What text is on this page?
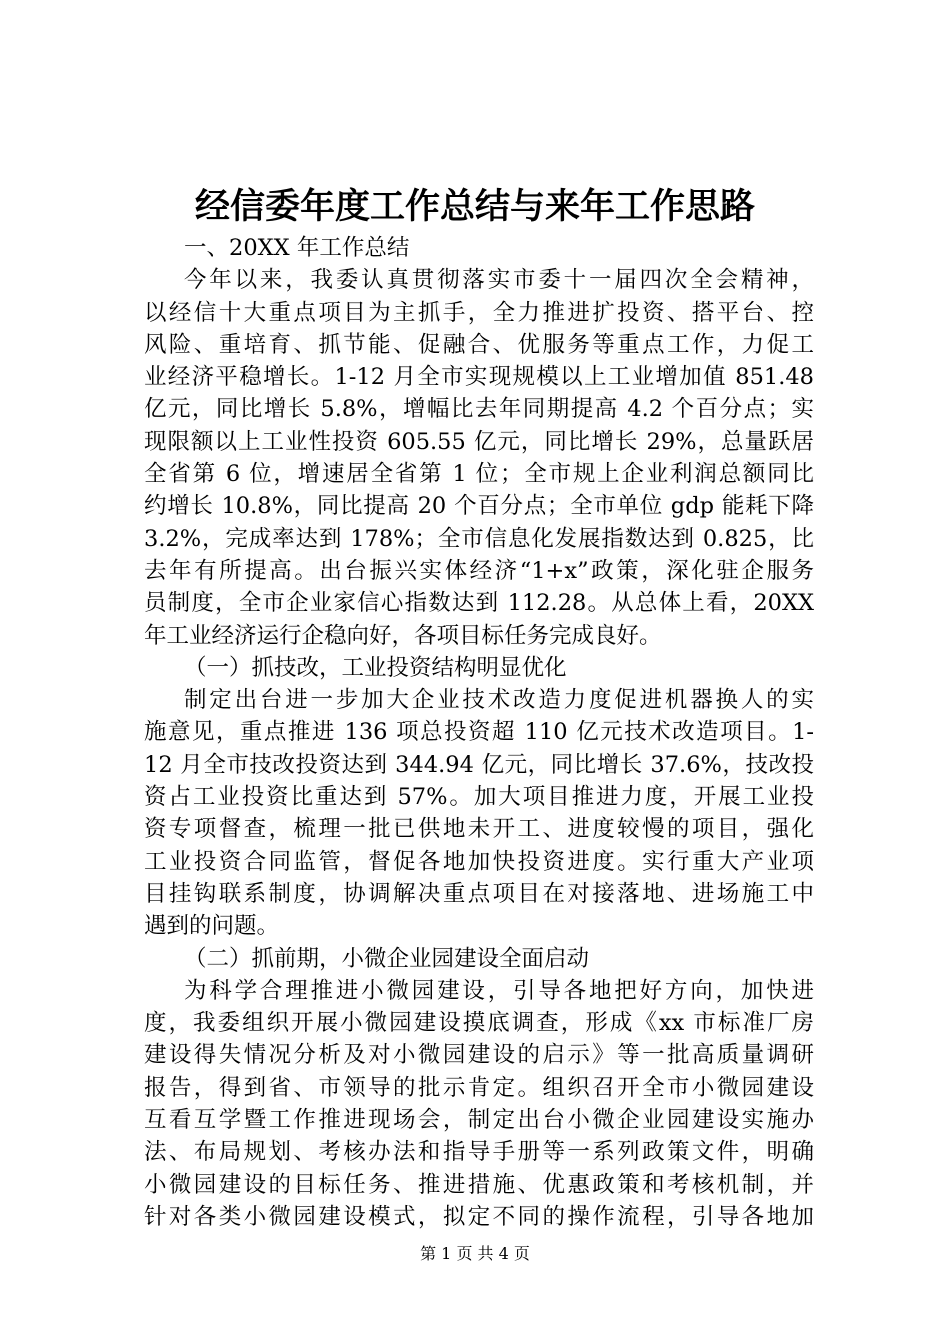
经信委年度工作总结与来年工作思路
一、20XX 年工作总结
今年以来，我委认真贯彻落实市委十一届四次全会精神，
以经信十大重点项目为主抓手，全力推进扩投资、搭平台、控
风险、重培育、抓节能、促融合、优服务等重点工作，力促工
业经济平稳增长。1-12 月全市实现规模以上工业增加值 851.48
亿元，同比增长 5.8%，增幅比去年同期提高 4.2 个百分点；实
现限额以上工业性投资 605.55 亿元，同比增长 29%，总量跃居
全省第 6 位，增速居全省第 1 位；全市规上企业利润总额同比
约增长 10.8%，同比提高 20 个百分点；全市单位 gdp 能耗下降
3.2%，完成率达到 178%；全市信息化发展指数达到 0.825，比
去年有所提高。出台振兴实体经济“1+x”政策，深化驻企服务
员制度，全市企业家信心指数达到 112.28。从总体上看，20XX
年工业经济运行企稳向好，各项目标任务完成良好。
（一）抓技改，工业投资结构明显优化
制定出台进一步加大企业技术改造力度促进机器换人的实
施意见，重点推进 136 项总投资超 110 亿元技术改造项目。1-
12 月全市技改投资达到 344.94 亿元，同比增长 37.6%，技改投
资占工业投资比重达到 57%。加大项目推进力度，开展工业投
资专项督查，梳理一批已供地未开工、进度较慢的项目，强化
工业投资合同监管，督促各地加快投资进度。实行重大产业项
目挂钩联系制度，协调解决重点项目在对接落地、进场施工中
遇到的问题。
（二）抓前期，小微企业园建设全面启动
为科学合理推进小微园建设，引导各地把好方向，加快进
度，我委组织开展小微园建设摸底调查，形成《xx 市标准厂房
建设得失情况分析及对小微园建设的启示》等一批高质量调研
报告，得到省、市领导的批示肯定。组织召开全市小微园建设
互看互学暨工作推进现场会，制定出台小微企业园建设实施办
法、布局规划、考核办法和指导手册等一系列政策文件，明确
小微园建设的目标任务、推进措施、优惠政策和考核机制，并
针对各类小微园建设模式，拟定不同的操作流程，引导各地加
第 1 页 共 4 页
